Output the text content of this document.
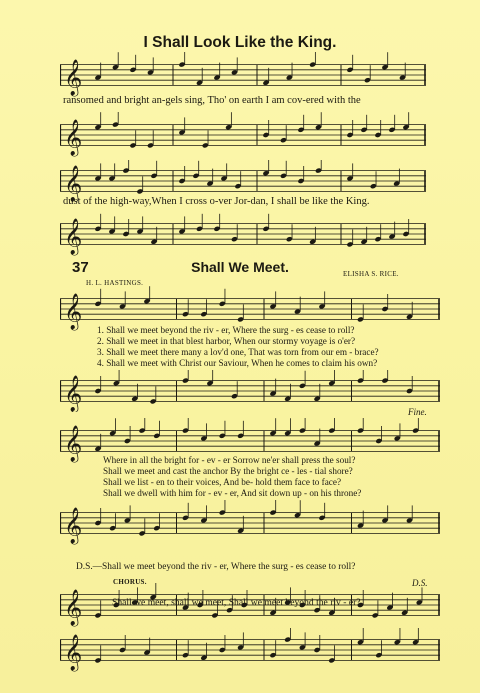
I Shall Look Like the King.
𝄞
ransomed and bright an-gels sing, Tho' on earth I am cov-ered with the
𝄞
𝄞
dust of the high-way,When I cross o-ver Jor-dan, I shall be like the King.
𝄞
37	Shall We Meet.
H. L. HASTINGS.
ELISHA S. RICE.
𝄞
1. Shall we meet beyond the riv - er, Where the surg - es cease to roll?
2. Shall we meet in that blest harbor, When our stormy voyage is o'er?
3. Shall we meet there many a lov'd one, That was torn from our em - brace?
4. Shall we meet with Christ our Saviour, When he comes to claim his own?
𝄞
Fine.
𝄞 Where in all the bright for - ev - er Sorrow ne'er shall press the soul?
Shall we meet and cast the anchor By the bright ce - les - tial shore?
Shall we list - en to their voices, And be- hold them face to face?
Shall we dwell with him for - ev - er, And sit down up - on his throne?
𝄞
D.S.—Shall we meet beyond the riv - er, Where the surg - es cease to roll?
CHORUS.	D.S.
𝄞	Shall we meet, shall we meet, Shall we meet beyond the riv - er?
𝄞
